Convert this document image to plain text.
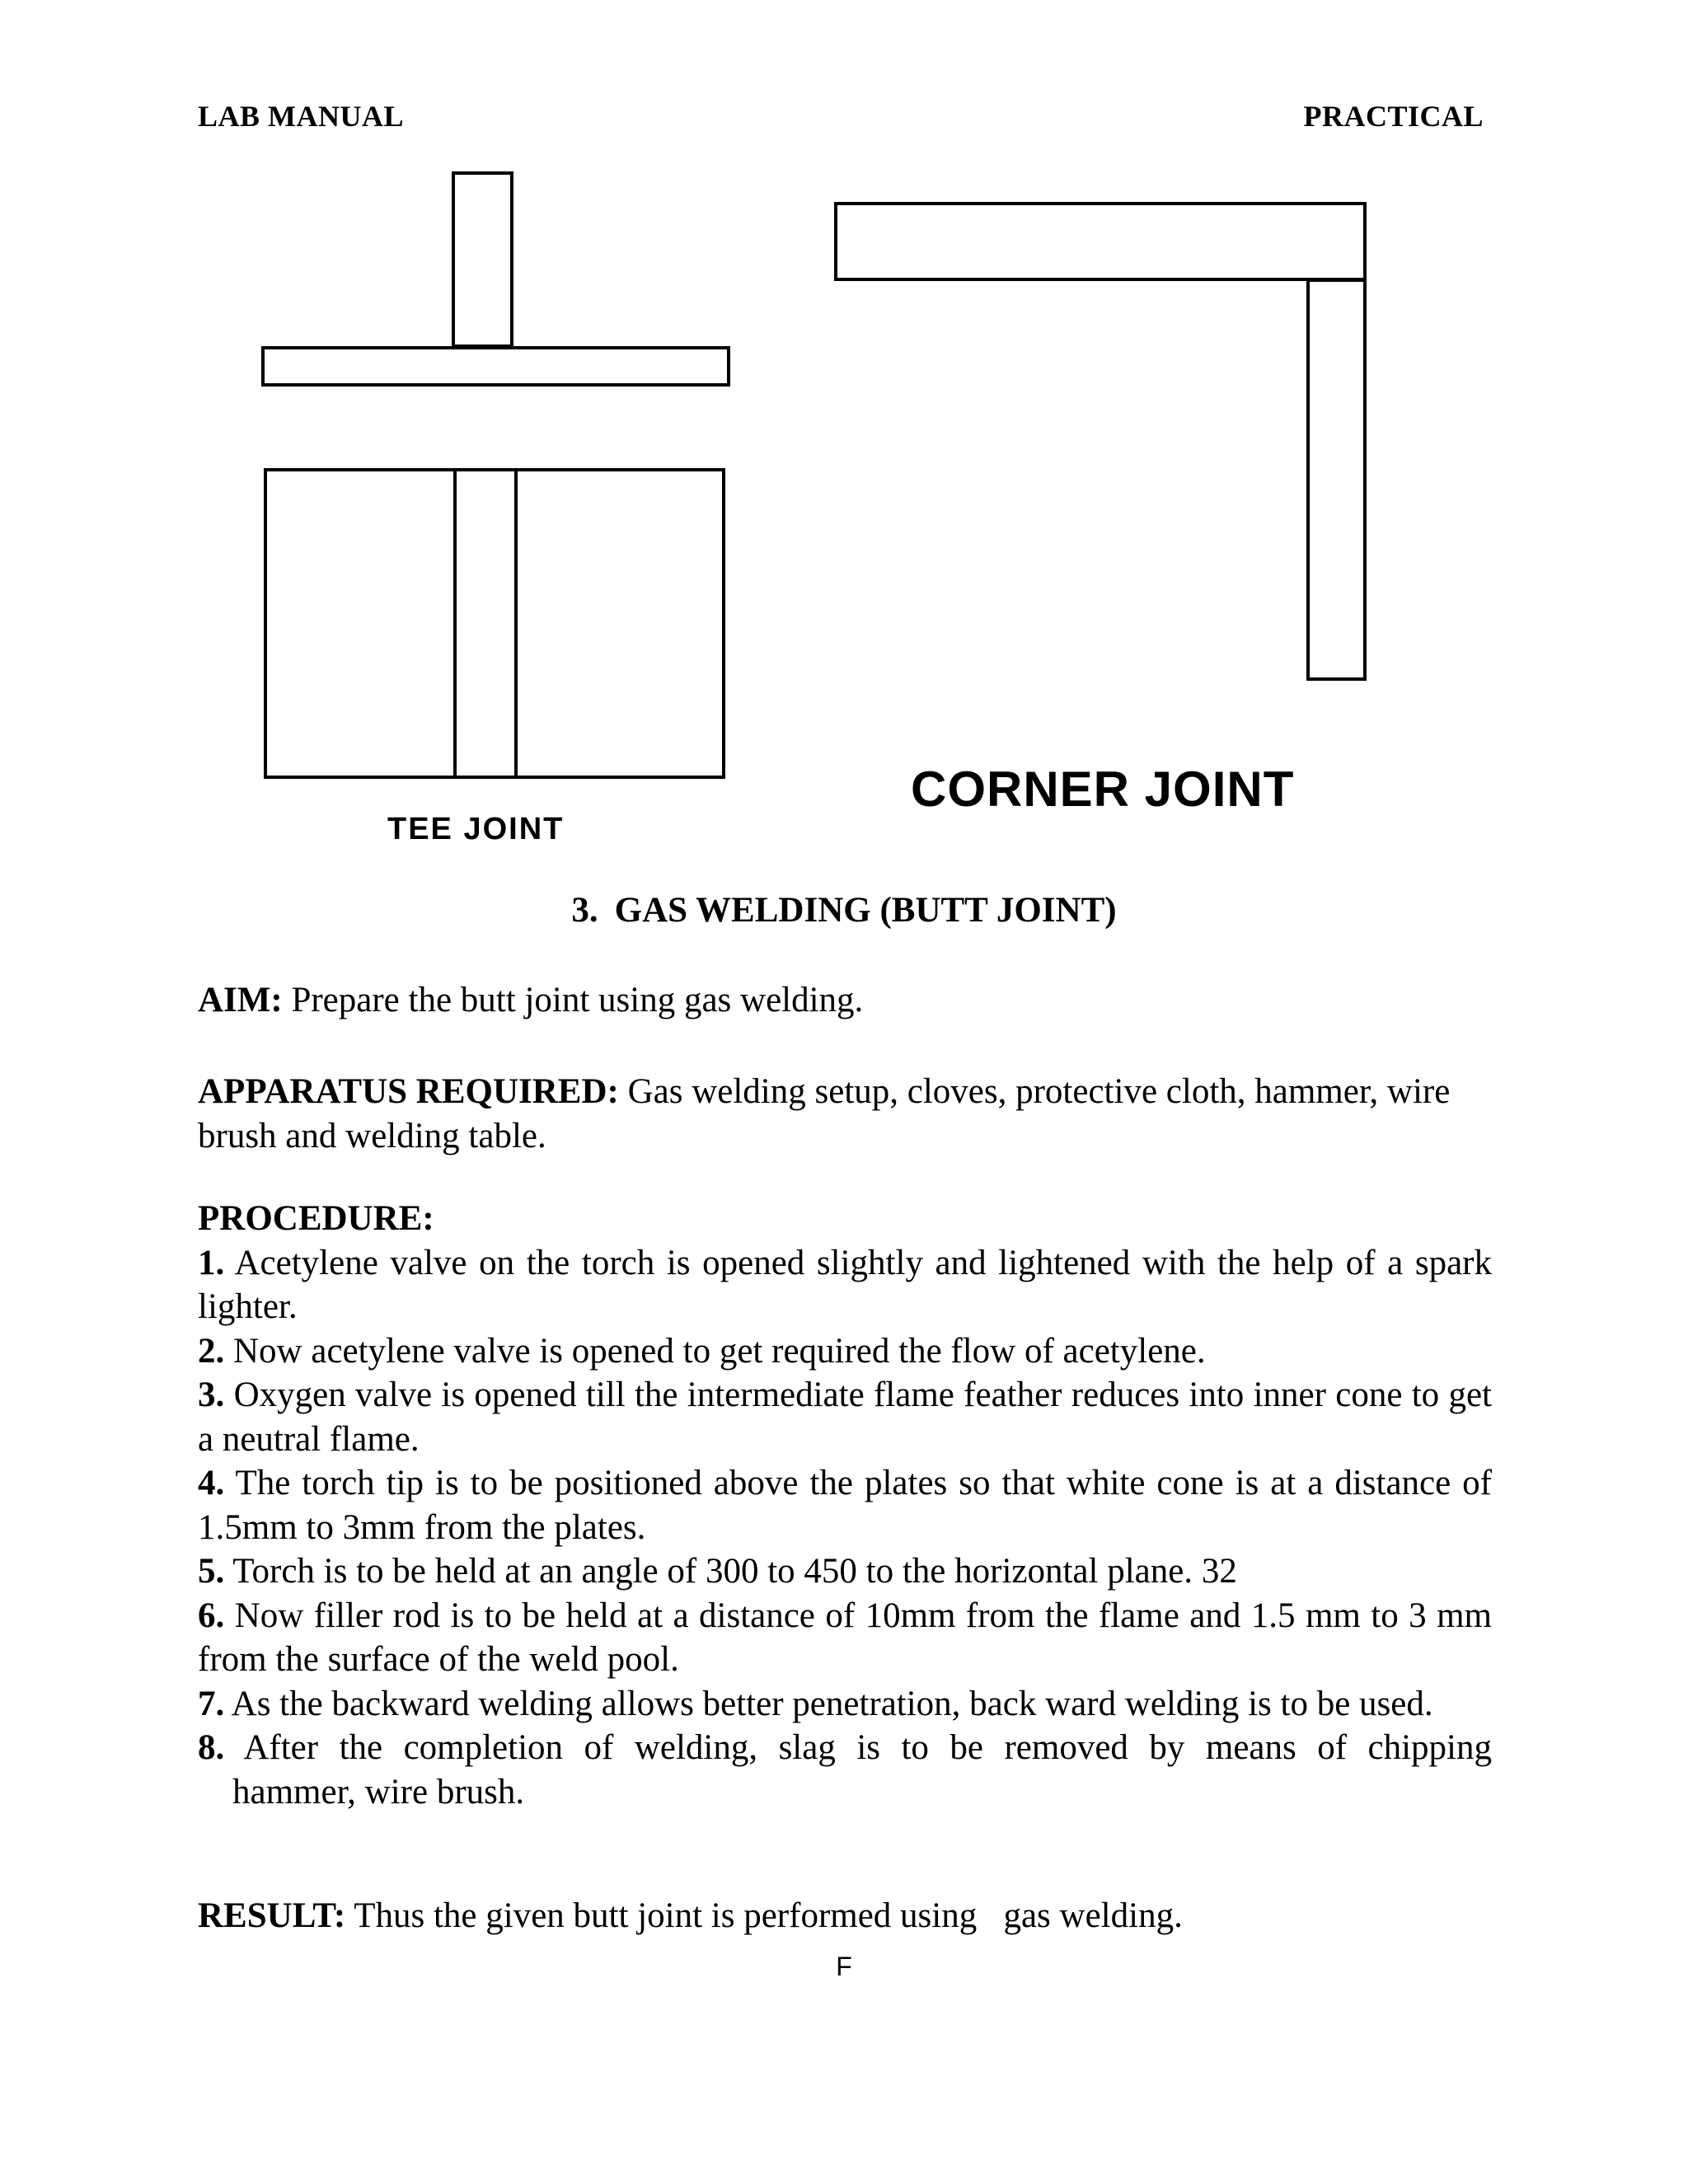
LAB MANUAL	PRACTICAL
TEE JOINT
CORNER JOINT
3. GAS WELDING (BUTT JOINT)
AIM: Prepare the butt joint using gas welding.
APPARATUS REQUIRED: Gas welding setup, cloves, protective cloth, hammer, wire brush and welding table.

PROCEDURE:

1. Acetylene valve on the torch is opened slightly and lightened with the help of a spark lighter.

2. Now acetylene valve is opened to get required the flow of acetylene.

3. Oxygen valve is opened till the intermediate flame feather reduces into inner cone to get a neutral flame.

4. The torch tip is to be positioned above the plates so that white cone is at a distance of 1.5mm to 3mm from the plates.

5. Torch is to be held at an angle of 300 to 450 to the horizontal plane. 32

6. Now filler rod is to be held at a distance of 10mm from the flame and 1.5 mm to 3 mm from the surface of the weld pool.

7. As the backward welding allows better penetration, back ward welding is to be used.

8. After the completion of welding, slag is to be removed by means of chipping

hammer, wire brush.

RESULT: Thus the given butt joint is performed using   gas welding.
F
